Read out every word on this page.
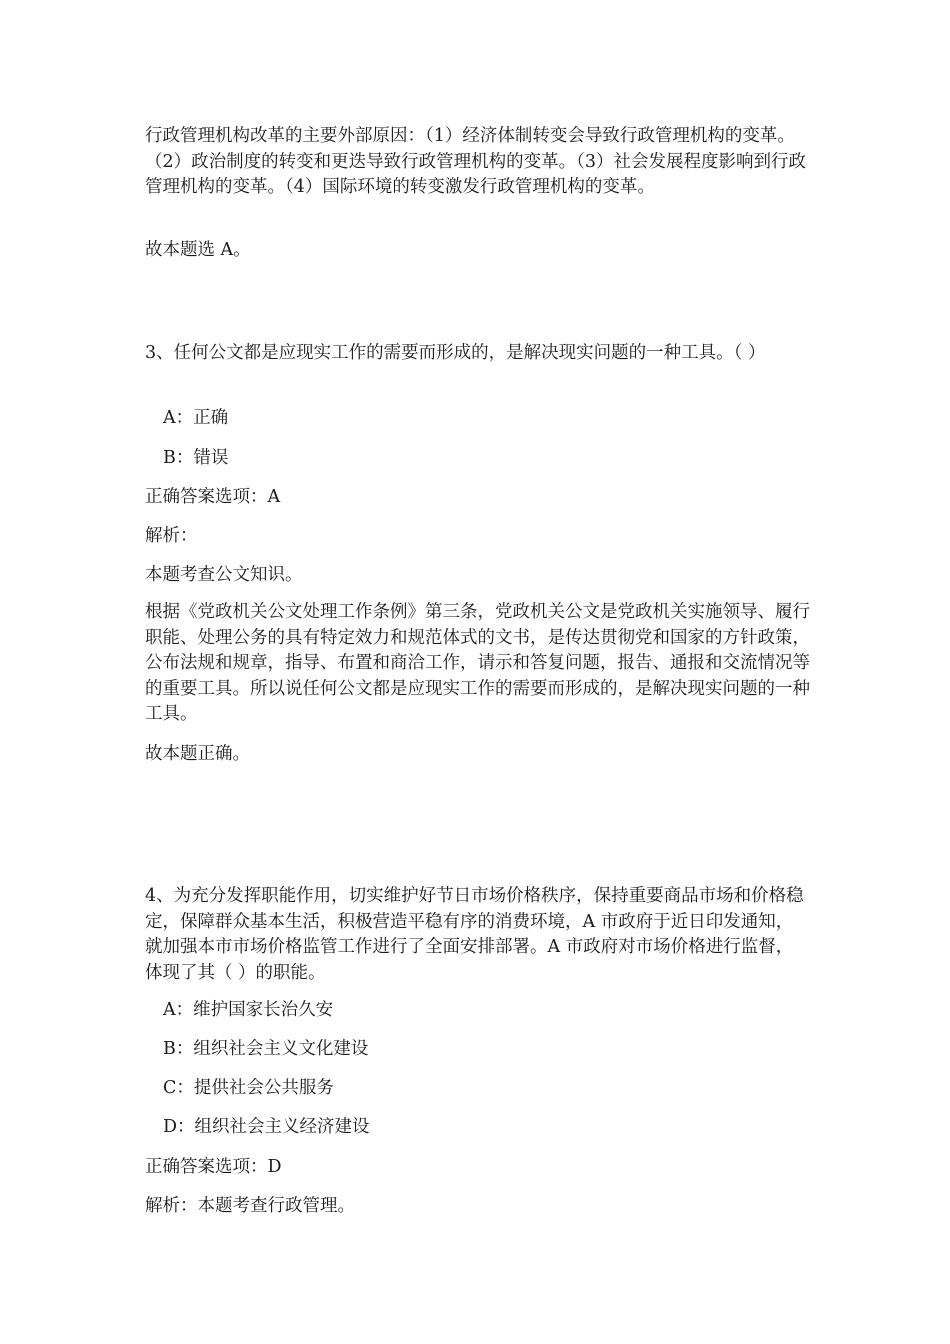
行政管理机构改革的主要外部原因：（1）经济体制转变会导致行政管理机构的变革。（2）政治制度的转变和更迭导致行政管理机构的变革。（3）社会发展程度影响到行政管理机构的变革。（4）国际环境的转变激发行政管理机构的变革。

故本题选 A。

3、任何公文都是应现实工作的需要而形成的，是解决现实问题的一种工具。（ ）

A：正确

B：错误

正确答案选项：A

解析：

本题考查公文知识。

根据《党政机关公文处理工作条例》第三条，党政机关公文是党政机关实施领导、履行职能、处理公务的具有特定效力和规范体式的文书，是传达贯彻党和国家的方针政策，公布法规和规章，指导、布置和商洽工作，请示和答复问题，报告、通报和交流情况等的重要工具。所以说任何公文都是应现实工作的需要而形成的，是解决现实问题的一种工具。

故本题正确。

4、为充分发挥职能作用，切实维护好节日市场价格秩序，保持重要商品市场和价格稳定，保障群众基本生活，积极营造平稳有序的消费环境，A 市政府于近日印发通知，就加强本市市场价格监管工作进行了全面安排部署。A 市政府对市场价格进行监督，体现了其（ ）的职能。

A：维护国家长治久安

B：组织社会主义文化建设

C：提供社会公共服务

D：组织社会主义经济建设

正确答案选项：D

解析：本题考查行政管理。
